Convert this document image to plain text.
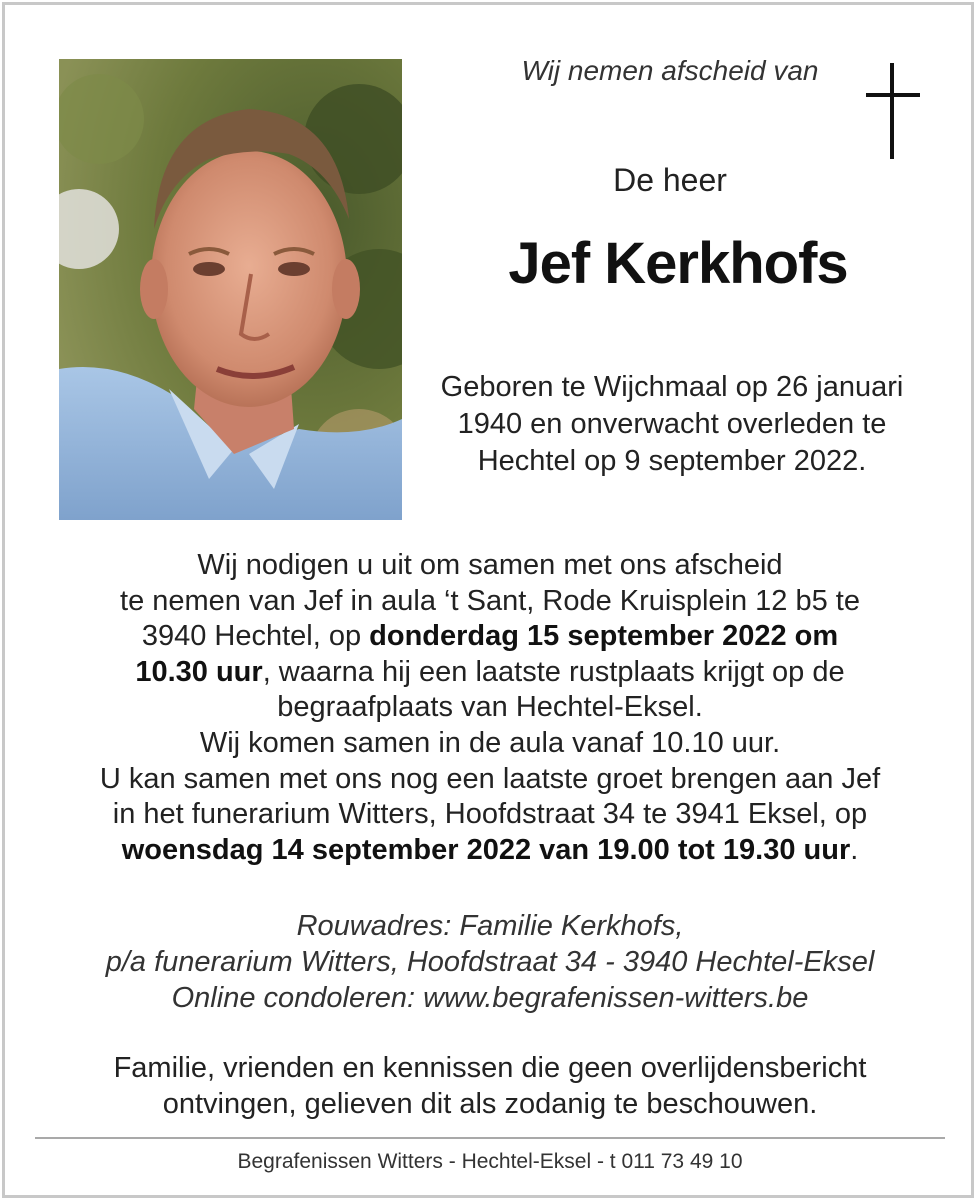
Wij nemen afscheid van
De heer
Jef Kerkhofs
Geboren te Wijchmaal op 26 januari
1940 en onverwacht overleden te
Hechtel op 9 september 2022.
Wij nodigen u uit om samen met ons afscheid
te nemen van Jef in aula ‘t Sant, Rode Kruisplein 12 b5 te
3940 Hechtel, op donderdag 15 september 2022 om
10.30 uur, waarna hij een laatste rustplaats krijgt op de
begraafplaats van Hechtel-Eksel.
Wij komen samen in de aula vanaf 10.10 uur.
U kan samen met ons nog een laatste groet brengen aan Jef
in het funerarium Witters, Hoofdstraat 34 te 3941 Eksel, op
woensdag 14 september 2022 van 19.00 tot 19.30 uur.
Rouwadres: Familie Kerkhofs,
p/a funerarium Witters, Hoofdstraat 34 - 3940 Hechtel-Eksel
Online condoleren: www.begrafenissen-witters.be
Familie, vrienden en kennissen die geen overlijdensbericht
ontvingen, gelieven dit als zodanig te beschouwen.
Begrafenissen Witters - Hechtel-Eksel - t 011 73 49 10
